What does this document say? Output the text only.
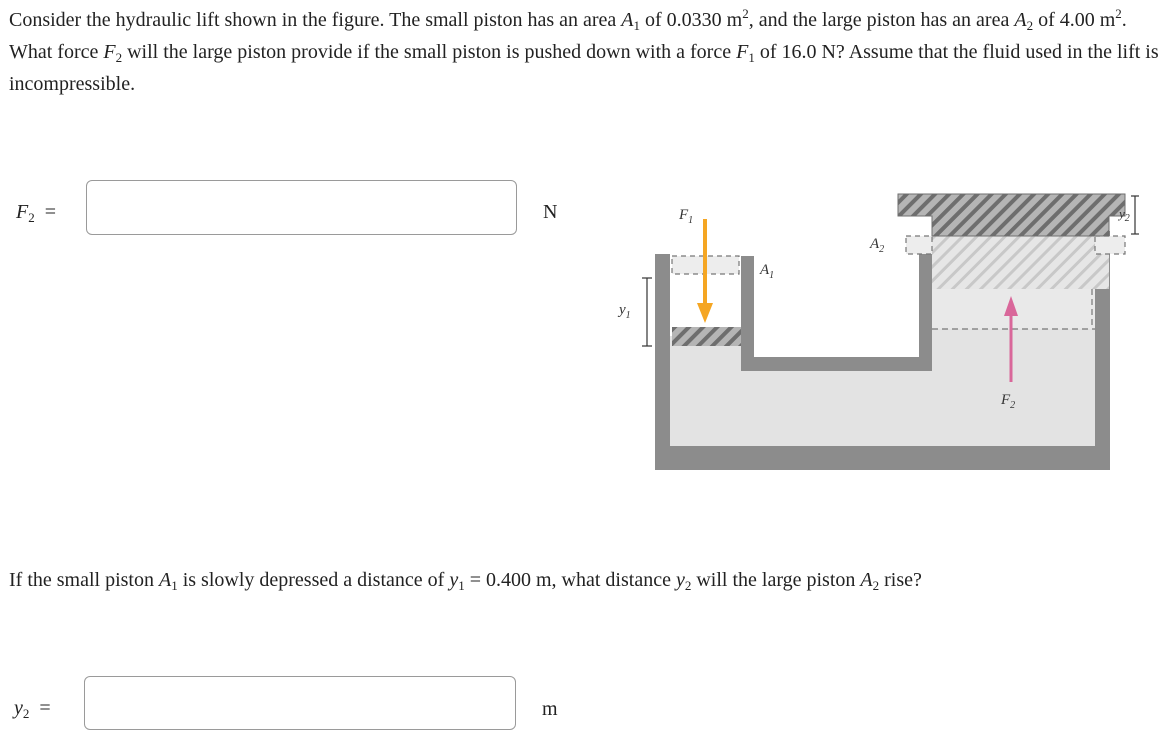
Consider the hydraulic lift shown in the figure. The small piston has an area $A_1$ of 0.0330 $m^2$, and the large piston has an area $A_2$ of 4.00 $m^2$. What force $F_2$ will the large piston provide if the small piston is pushed down with a force $F_1$ of 16.0 N? Assume that the fluid used in the lift is incompressible.

$F_2$ =	N	$F_1$
$A_1$
$A_2$
$F_2$
$y_1$
$y_2$

If the small piston $A_1$ is slowly depressed a distance of $y_1 = 0.400$ m, what distance $y_2$ will the large piston $A_2$ rise?

$y_2$ =	m
